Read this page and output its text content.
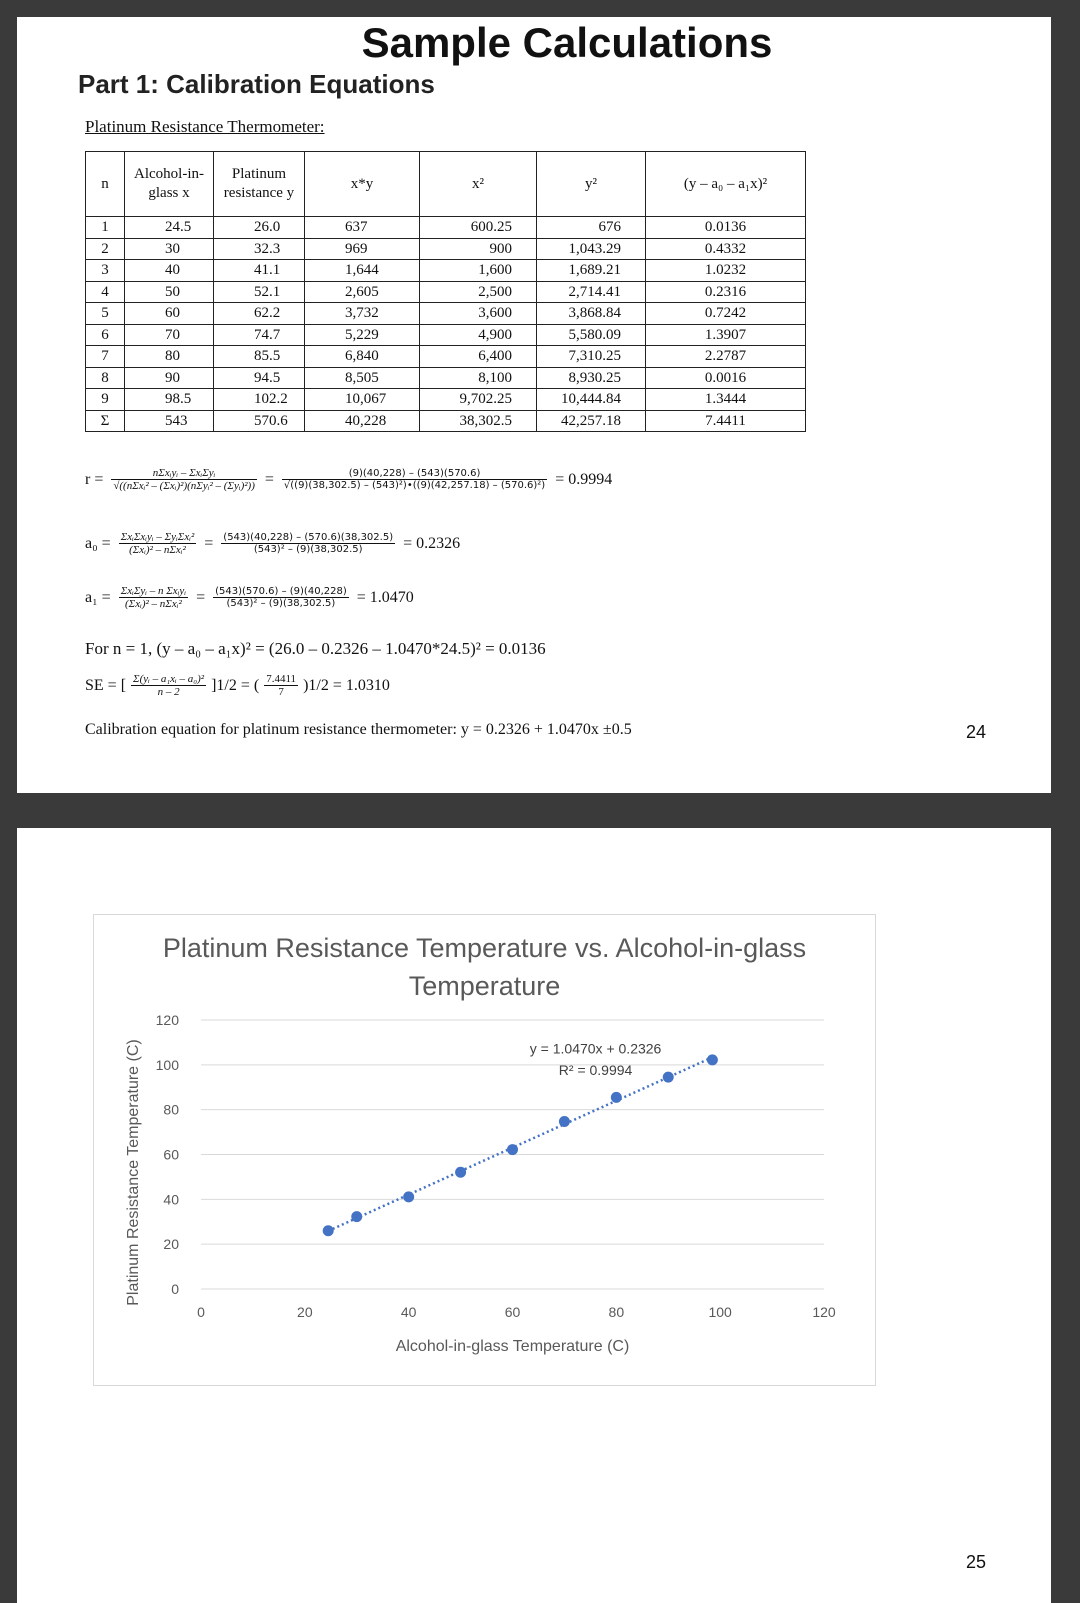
Sample Calculations
Part 1: Calibration Equations
Platinum Resistance Thermometer:
n	Alcohol-in-glass x	Platinum resistance y	x*y	x²	y²	(y – a₀ – a₁x)²
1	24.5	26.0	637	600.25	676	0.0136
2	30	32.3	969	900	1,043.29	0.4332
3	40	41.1	1,644	1,600	1,689.21	1.0232
4	50	52.1	2,605	2,500	2,714.41	0.2316
5	60	62.2	3,732	3,600	3,868.84	0.7242
6	70	74.7	5,229	4,900	5,580.09	1.3907
7	80	85.5	6,840	6,400	7,310.25	2.2787
8	90	94.5	8,505	8,100	8,930.25	0.0016
9	98.5	102.2	10,067	9,702.25	10,444.84	1.3444
Σ	543	570.6	40,228	38,302.5	42,257.18	7.4411
$r = \frac{\text{nΣxᵢyᵢ – ΣxᵢΣyᵢ}}{\text{√((nΣxᵢ² – (Σxᵢ)²)(nΣyᵢ² – (Σyᵢ)²))}} = \frac{(9)(40,228) - (543)(570.6)}{\text{√((9)(38,302.5) – (543)²)•((9)(42,257.18) – (570.6)²)}} = 0.9994$
$a_0 = \frac{\text{ΣxᵢΣxᵢyᵢ – ΣyᵢΣxᵢ²}}{\text{(Σxᵢ)² – nΣxᵢ²}} = \frac{(543)(40,228) - (570.6)(38,302.5)}{\text{(543)² – (9)(38,302.5)}} = 0.2326$
$a_1 = \frac{\text{ΣxᵢΣyᵢ – n Σxᵢyᵢ}}{\text{(Σxᵢ)² – nΣxᵢ²}} = \frac{(543)(570.6) - (9)(40,228)}{\text{(543)² – (9)(38,302.5)}} = 1.0470$
For n = 1, (y – a₀ – a₁x)² = (26.0 – 0.2326 – 1.0470*24.5)² = 0.0136
SE = [ $\frac{\text{Σ(yᵢ – a₁xᵢ – a₀)²}}{n - 2} ]1/2$ = ( $\frac{7.4411}{7} )1/2 = 1.0310$
Calibration equation for platinum resistance thermometer: y = 0.2326 + 1.0470x ±0.5	24
Platinum Resistance Temperature vs. Alcohol-in-glass Temperature
0
20
40
60
80
100
120
0	20	40	60	80	100	120
Alcohol-in-glass Temperature (C)
Platinum Resistance Temperature (C)	y = 1.0470x + 0.2326
R² = 0.9994
25
